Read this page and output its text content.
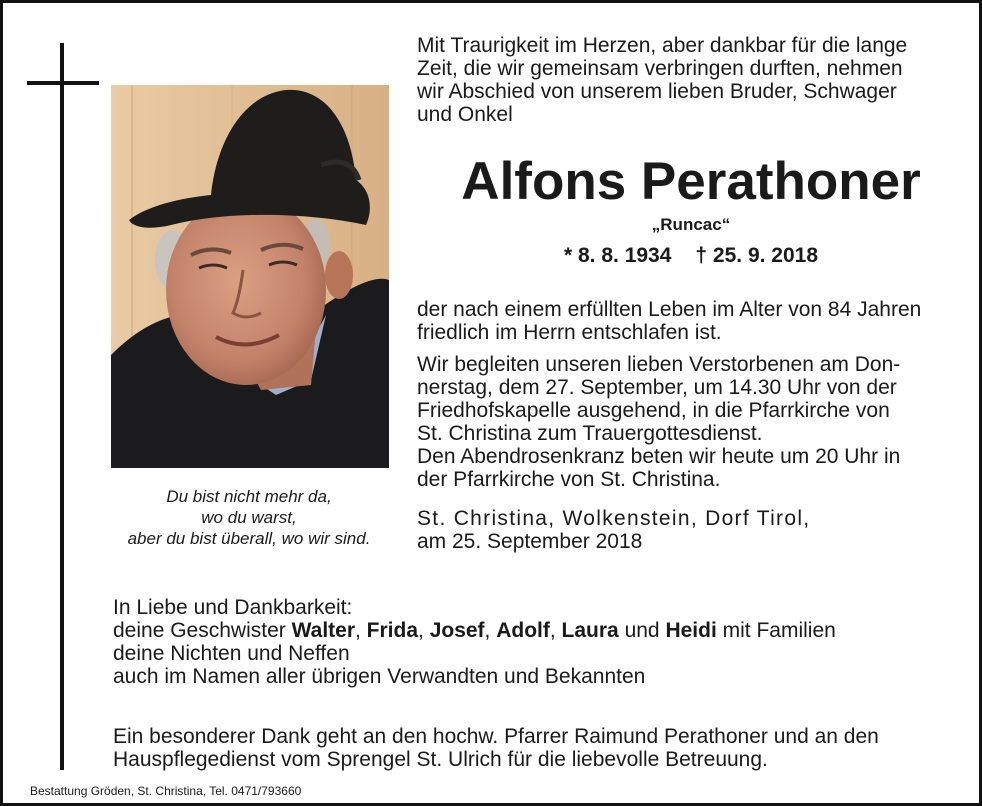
Du bist nicht mehr da,
wo du warst,
aber du bist überall, wo wir sind.
Mit Traurigkeit im Herzen, aber dankbar für die lange
Zeit, die wir gemeinsam verbringen durften, nehmen
wir Abschied von unserem lieben Bruder, Schwager
und Onkel
Alfons Perathoner
„Runcac“
* 8. 8. 1934 † 25. 9. 2018
der nach einem erfüllten Leben im Alter von 84 Jahren
friedlich im Herrn entschlafen ist.
Wir begleiten unseren lieben Verstorbenen am Don-
nerstag, dem 27. September, um 14.30 Uhr von der
Friedhofskapelle ausgehend, in die Pfarrkirche von
St. Christina zum Trauergottesdienst.
Den Abendrosenkranz beten wir heute um 20 Uhr in
der Pfarrkirche von St. Christina.
St. Christina, Wolkenstein, Dorf Tirol,
am 25. September 2018
In Liebe und Dankbarkeit:
deine Geschwister Walter, Frida, Josef, Adolf, Laura und Heidi mit Familien
deine Nichten und Neffen
auch im Namen aller übrigen Verwandten und Bekannten
Ein besonderer Dank geht an den hochw. Pfarrer Raimund Perathoner und an den
Hauspflegedienst vom Sprengel St. Ulrich für die liebevolle Betreuung.
Bestattung Gröden, St. Christina, Tel. 0471/793660
